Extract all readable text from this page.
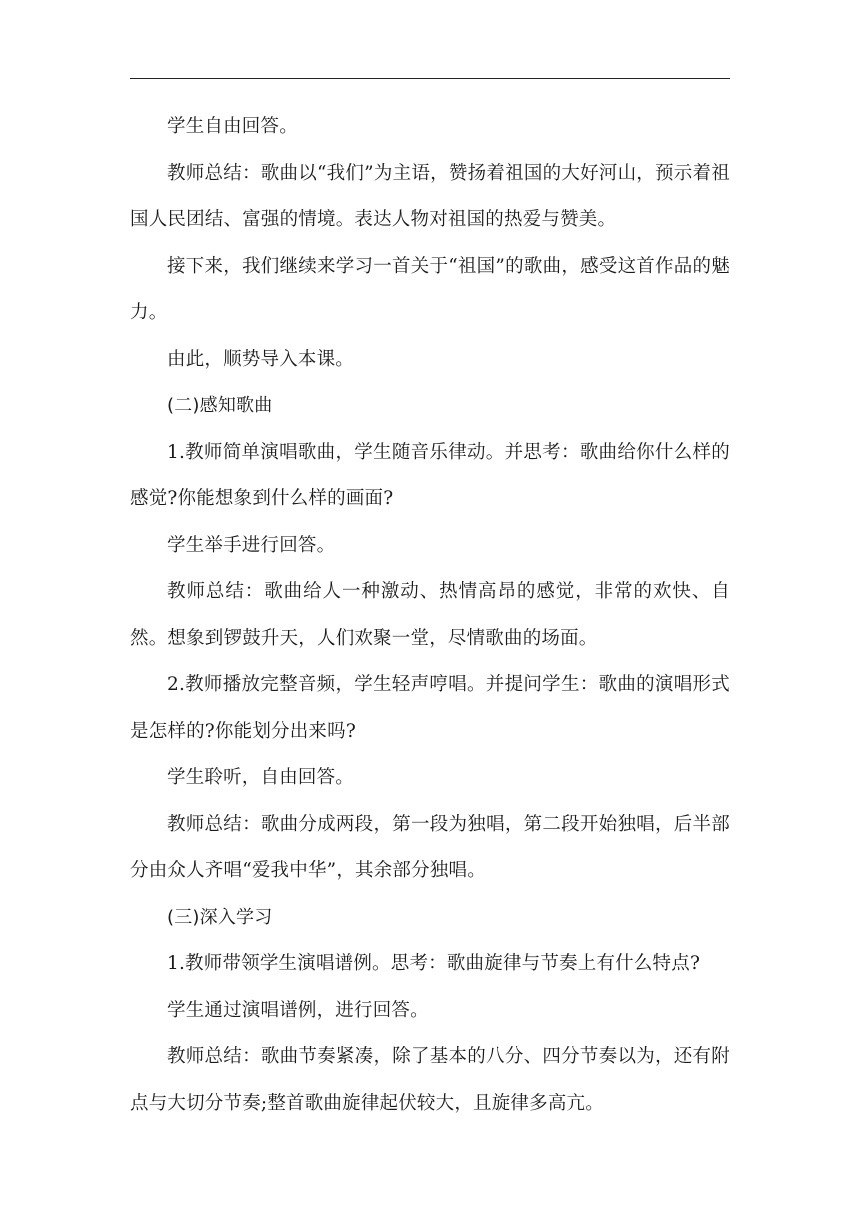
学生自由回答。

教师总结：歌曲以“我们”为主语，赞扬着祖国的大好河山，预示着祖国人民团结、富强的情境。表达人物对祖国的热爱与赞美。

接下来，我们继续来学习一首关于“祖国”的歌曲，感受这首作品的魅力。

由此，顺势导入本课。

(二)感知歌曲

1.教师简单演唱歌曲，学生随音乐律动。并思考：歌曲给你什么样的感觉?你能想象到什么样的画面?

学生举手进行回答。

教师总结：歌曲给人一种激动、热情高昂的感觉，非常的欢快、自然。想象到锣鼓升天，人们欢聚一堂，尽情歌曲的场面。

2.教师播放完整音频，学生轻声哼唱。并提问学生：歌曲的演唱形式是怎样的?你能划分出来吗?

学生聆听，自由回答。

教师总结：歌曲分成两段，第一段为独唱，第二段开始独唱，后半部分由众人齐唱“爱我中华”，其余部分独唱。

(三)深入学习

1.教师带领学生演唱谱例。思考：歌曲旋律与节奏上有什么特点?

学生通过演唱谱例，进行回答。

教师总结：歌曲节奏紧凑，除了基本的八分、四分节奏以为，还有附点与大切分节奏;整首歌曲旋律起伏较大，且旋律多高亢。
